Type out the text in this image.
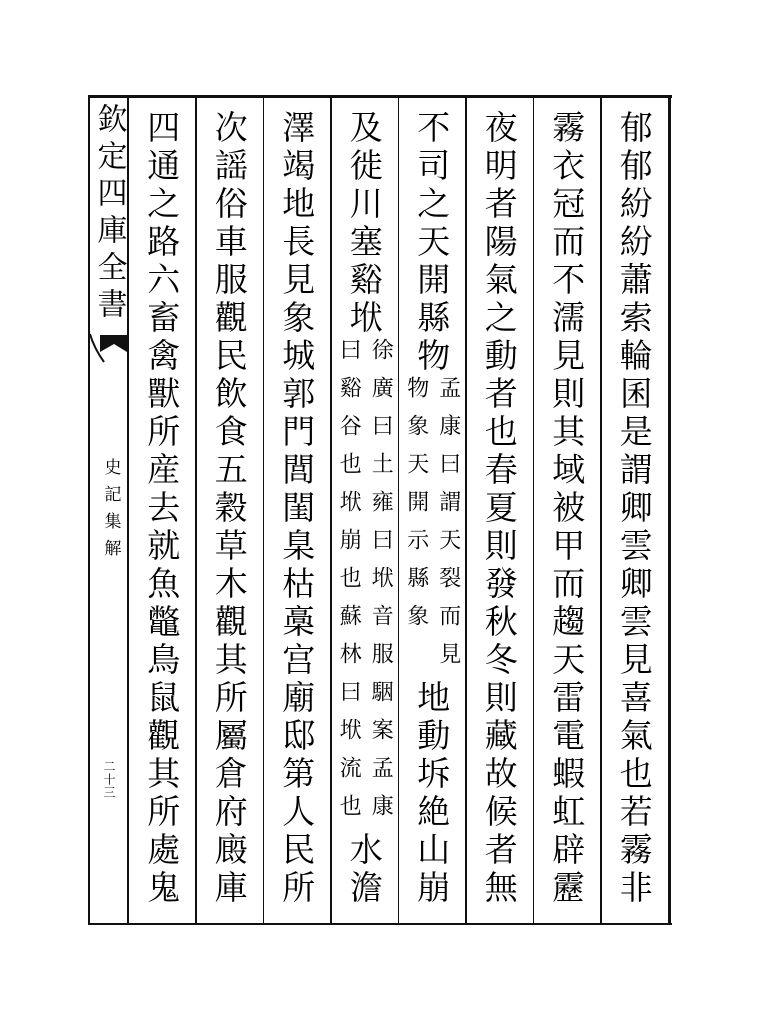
欽定四庫全書
史記集解
二十三	郁郁紛紛蕭索輪囷是謂卿雲卿雲見喜氣也若霧非
霧衣冠而不濡見則其域被甲而趨天雷電蝦虹辟靂
夜明者陽氣之動者也春夏則發秋冬則藏故候者無
不司之天開縣物
孟康曰謂天裂而見
物象天開示縣象
地動坼絶山崩
及徙川塞谿垘
徐廣曰土雍曰垘音服駰案孟康
曰谿谷也垘崩也蘇林曰垘流也
水澹
澤竭地長見象城郭門閭閨臬枯槀宫廟邸第人民所
次謡俗車服觀民飲食五穀草木觀其所屬倉府廄庫
四通之路六畜禽獸所産去就魚鼈鳥鼠觀其所處鬼
